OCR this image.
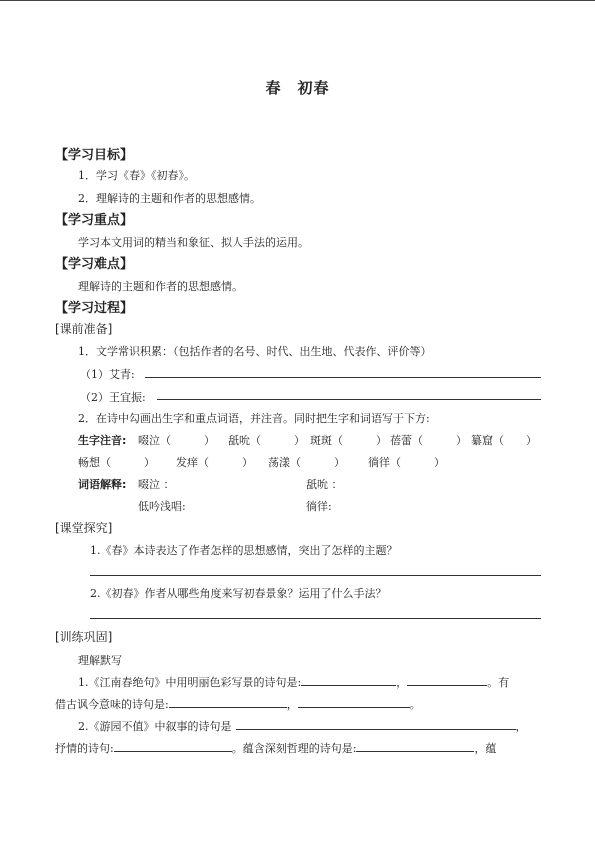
春　初春
【学习目标】
1．学习《春》《初春》。
2．理解诗的主题和作者的思想感情。
【学习重点】
学习本文用词的精当和象征、拟人手法的运用。
【学习难点】
理解诗的主题和作者的思想感情。
【学习过程】
[课前准备]
1．文学常识积累：（包括作者的名号、时代、出生地、代表作、评价等）
（1）艾青:
（2）王宜振:
2．在诗中勾画出生字和重点词语，并注音。同时把生字和词语写于下方:
生字注音: 啜泣（　　　） 舐吮（　　　） 斑斑（　　　） 蓓蕾（　　　） 纂窟（　　）
畅想（　　　） 发痒（　　　） 荡漾（　　　） 徜徉（　　　）
词语解释: 啜泣 ：	舐吮 ：
低吟浅唱:	徜徉:
[课堂探究]
1.《春》本诗表达了作者怎样的思想感情，突出了怎样的主题？
2.《初春》作者从哪些角度来写初春景象？运用了什么手法？
[训练巩固]
理解默写
1.《江南春绝句》中用明丽色彩写景的诗句是:	，	。有
借古讽今意味的诗句是:	，	。
2.《游园不值》中叙事的诗句是	，
抒情的诗句:	。蕴含深刻哲理的诗句是:	，蕴
